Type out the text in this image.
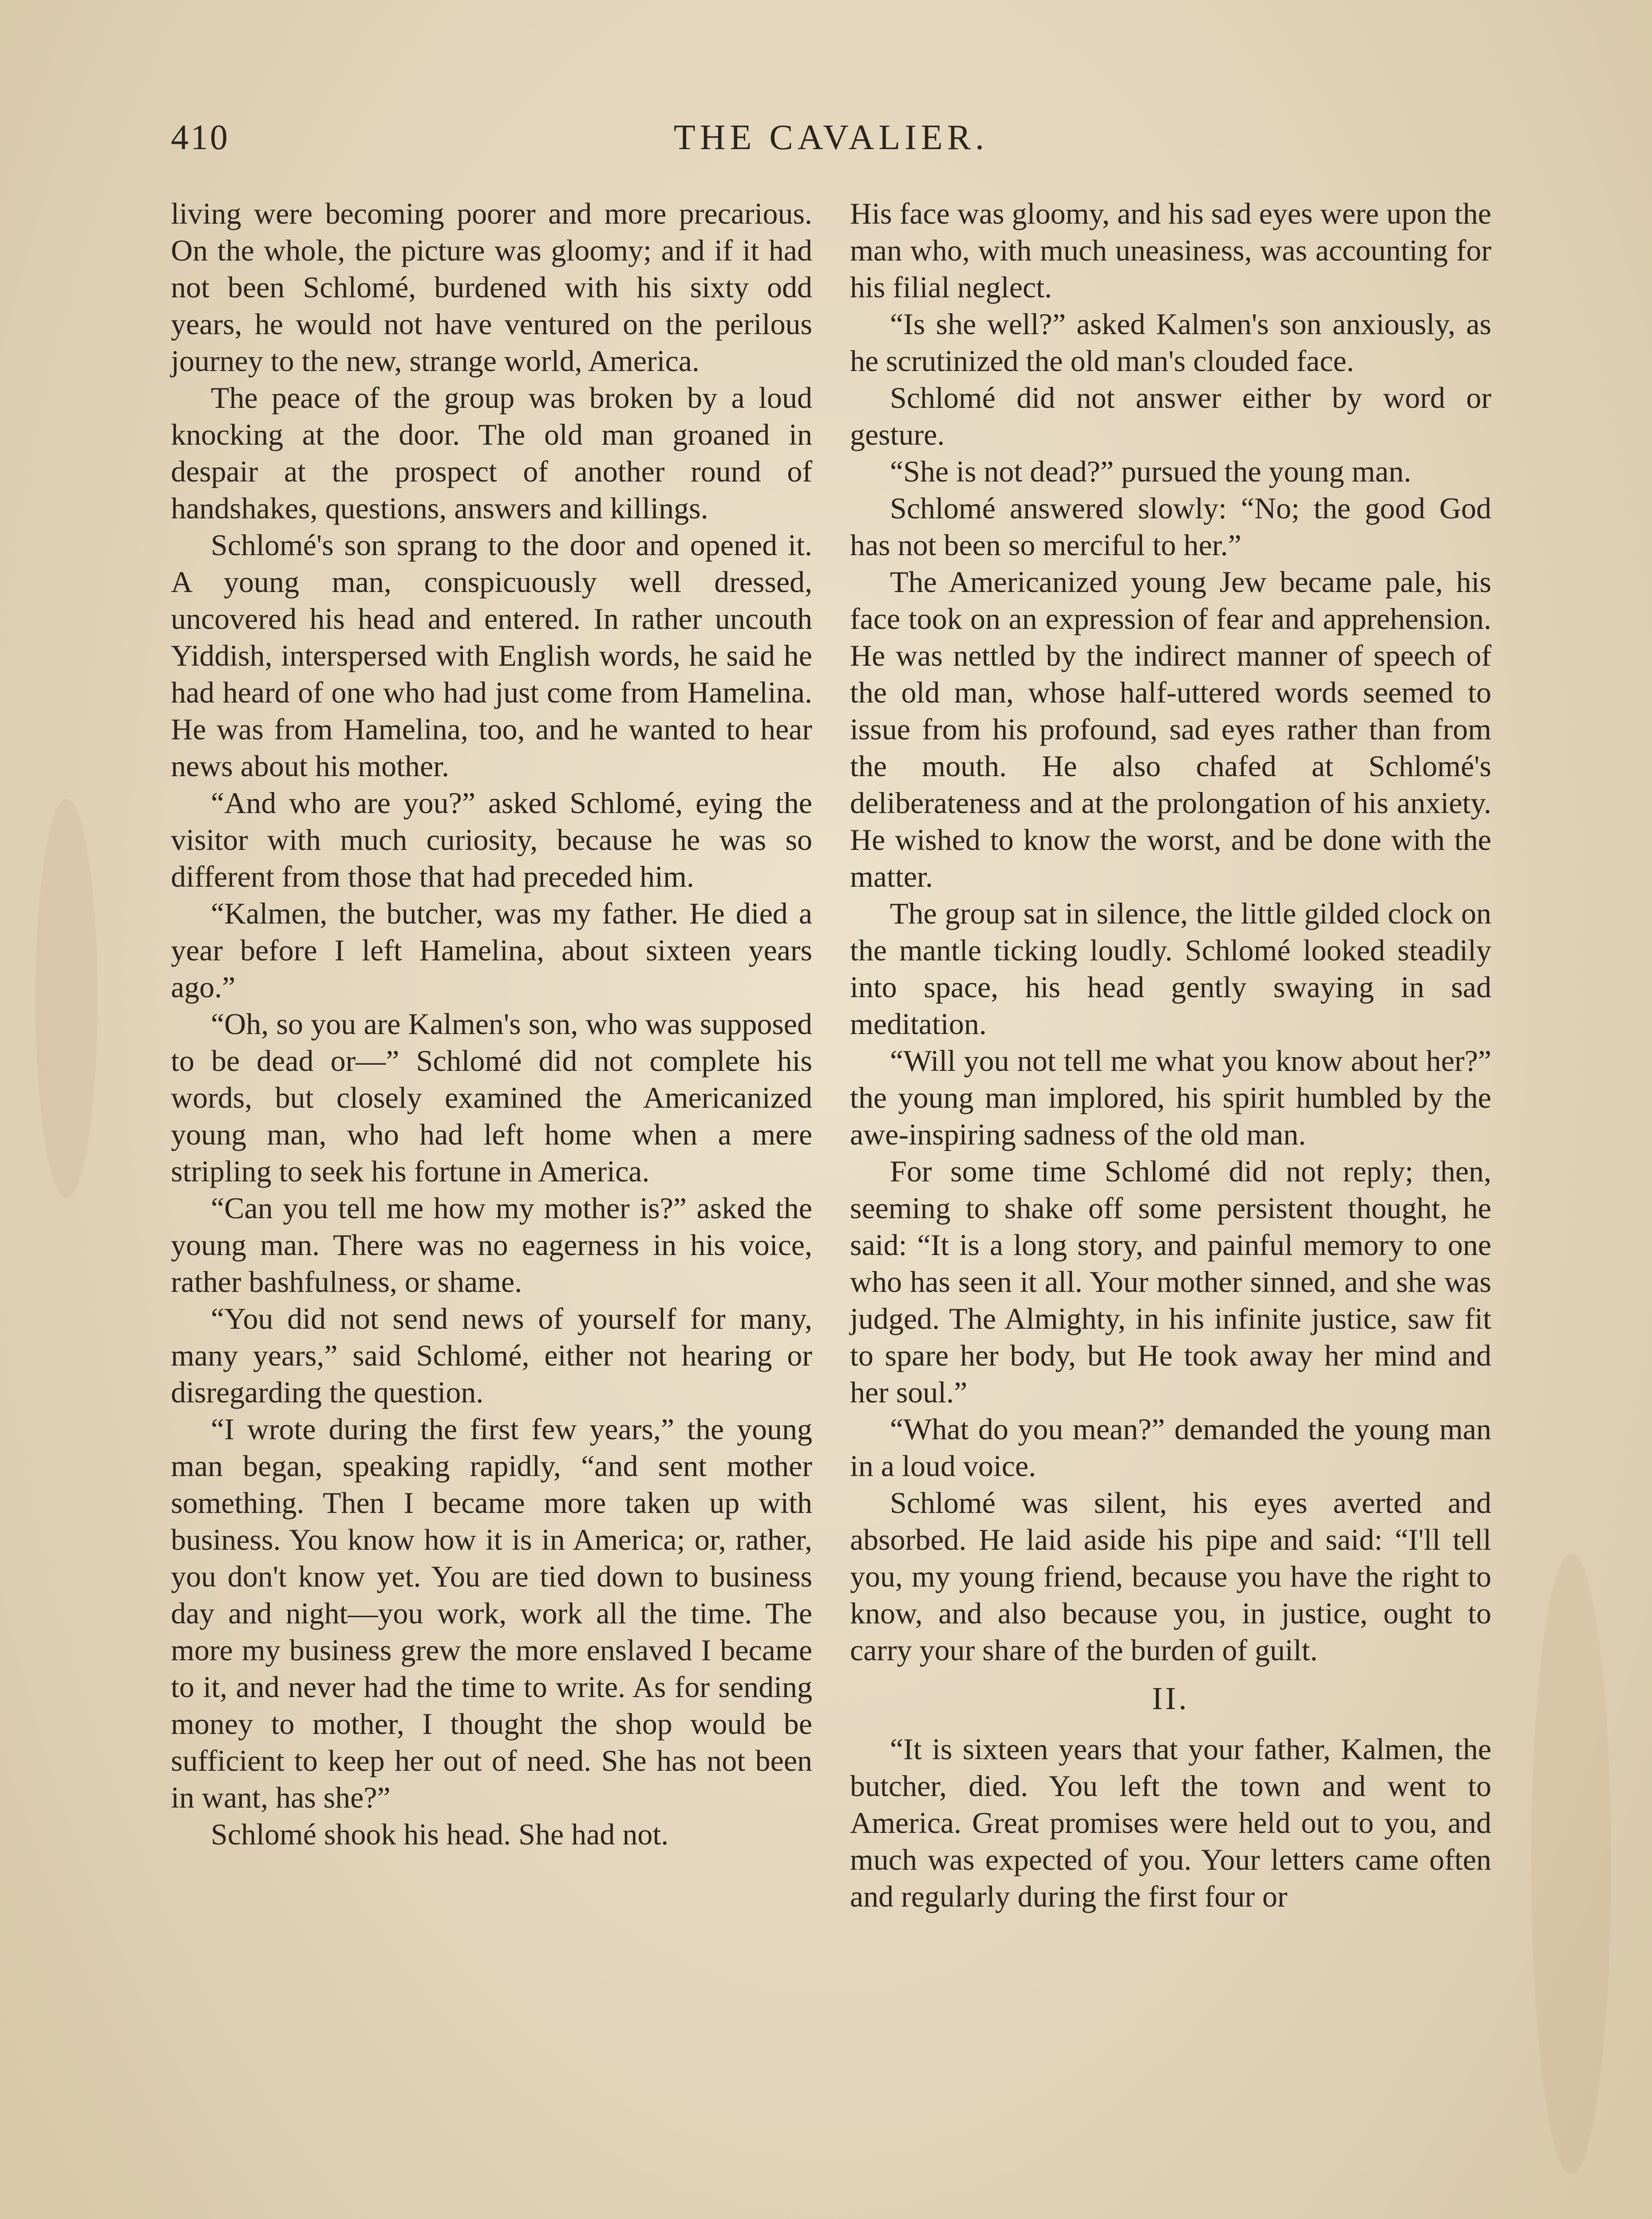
410	THE CAVALIER.

living were becoming poorer and more precarious. On the whole, the picture was gloomy; and if it had not been Schlomé, burdened with his sixty odd years, he would not have ventured on the perilous journey to the new, strange world, America.

The peace of the group was broken by a loud knocking at the door. The old man groaned in despair at the prospect of another round of handshakes, questions, answers and killings.

Schlomé's son sprang to the door and opened it. A young man, conspicuously well dressed, uncovered his head and entered. In rather uncouth Yiddish, interspersed with English words, he said he had heard of one who had just come from Hamelina. He was from Hamelina, too, and he wanted to hear news about his mother.

“And who are you?” asked Schlomé, eying the visitor with much curiosity, because he was so different from those that had preceded him.

“Kalmen, the butcher, was my father. He died a year before I left Hamelina, about sixteen years ago.”

“Oh, so you are Kalmen's son, who was supposed to be dead or—” Schlomé did not complete his words, but closely examined the Americanized young man, who had left home when a mere stripling to seek his fortune in America.

“Can you tell me how my mother is?” asked the young man. There was no eagerness in his voice, rather bashfulness, or shame.

“You did not send news of yourself for many, many years,” said Schlomé, either not hearing or disregarding the question.

“I wrote during the first few years,” the young man began, speaking rapidly, “and sent mother something. Then I became more taken up with business. You know how it is in America; or, rather, you don't know yet. You are tied down to business day and night—you work, work all the time. The more my business grew the more enslaved I became to it, and never had the time to write. As for sending money to mother, I thought the shop would be sufficient to keep her out of need. She has not been in want, has she?”

Schlomé shook his head. She had not.

His face was gloomy, and his sad eyes were upon the man who, with much uneasiness, was accounting for his filial neglect.

“Is she well?” asked Kalmen's son anxiously, as he scrutinized the old man's clouded face.

Schlomé did not answer either by word or gesture.

“She is not dead?” pursued the young man.

Schlomé answered slowly: “No; the good God has not been so merciful to her.”

The Americanized young Jew became pale, his face took on an expression of fear and apprehension. He was nettled by the indirect manner of speech of the old man, whose half-uttered words seemed to issue from his profound, sad eyes rather than from the mouth. He also chafed at Schlomé's deliberateness and at the prolongation of his anxiety. He wished to know the worst, and be done with the matter.

The group sat in silence, the little gilded clock on the mantle ticking loudly. Schlomé looked steadily into space, his head gently swaying in sad meditation.

“Will you not tell me what you know about her?” the young man implored, his spirit humbled by the awe-inspiring sadness of the old man.

For some time Schlomé did not reply; then, seeming to shake off some persistent thought, he said: “It is a long story, and painful memory to one who has seen it all. Your mother sinned, and she was judged. The Almighty, in his infinite justice, saw fit to spare her body, but He took away her mind and her soul.”

“What do you mean?” demanded the young man in a loud voice.

Schlomé was silent, his eyes averted and absorbed. He laid aside his pipe and said: “I'll tell you, my young friend, because you have the right to know, and also because you, in justice, ought to carry your share of the burden of guilt.

II.

“It is sixteen years that your father, Kalmen, the butcher, died. You left the town and went to America. Great promises were held out to you, and much was expected of you. Your letters came often and regularly during the first four or
